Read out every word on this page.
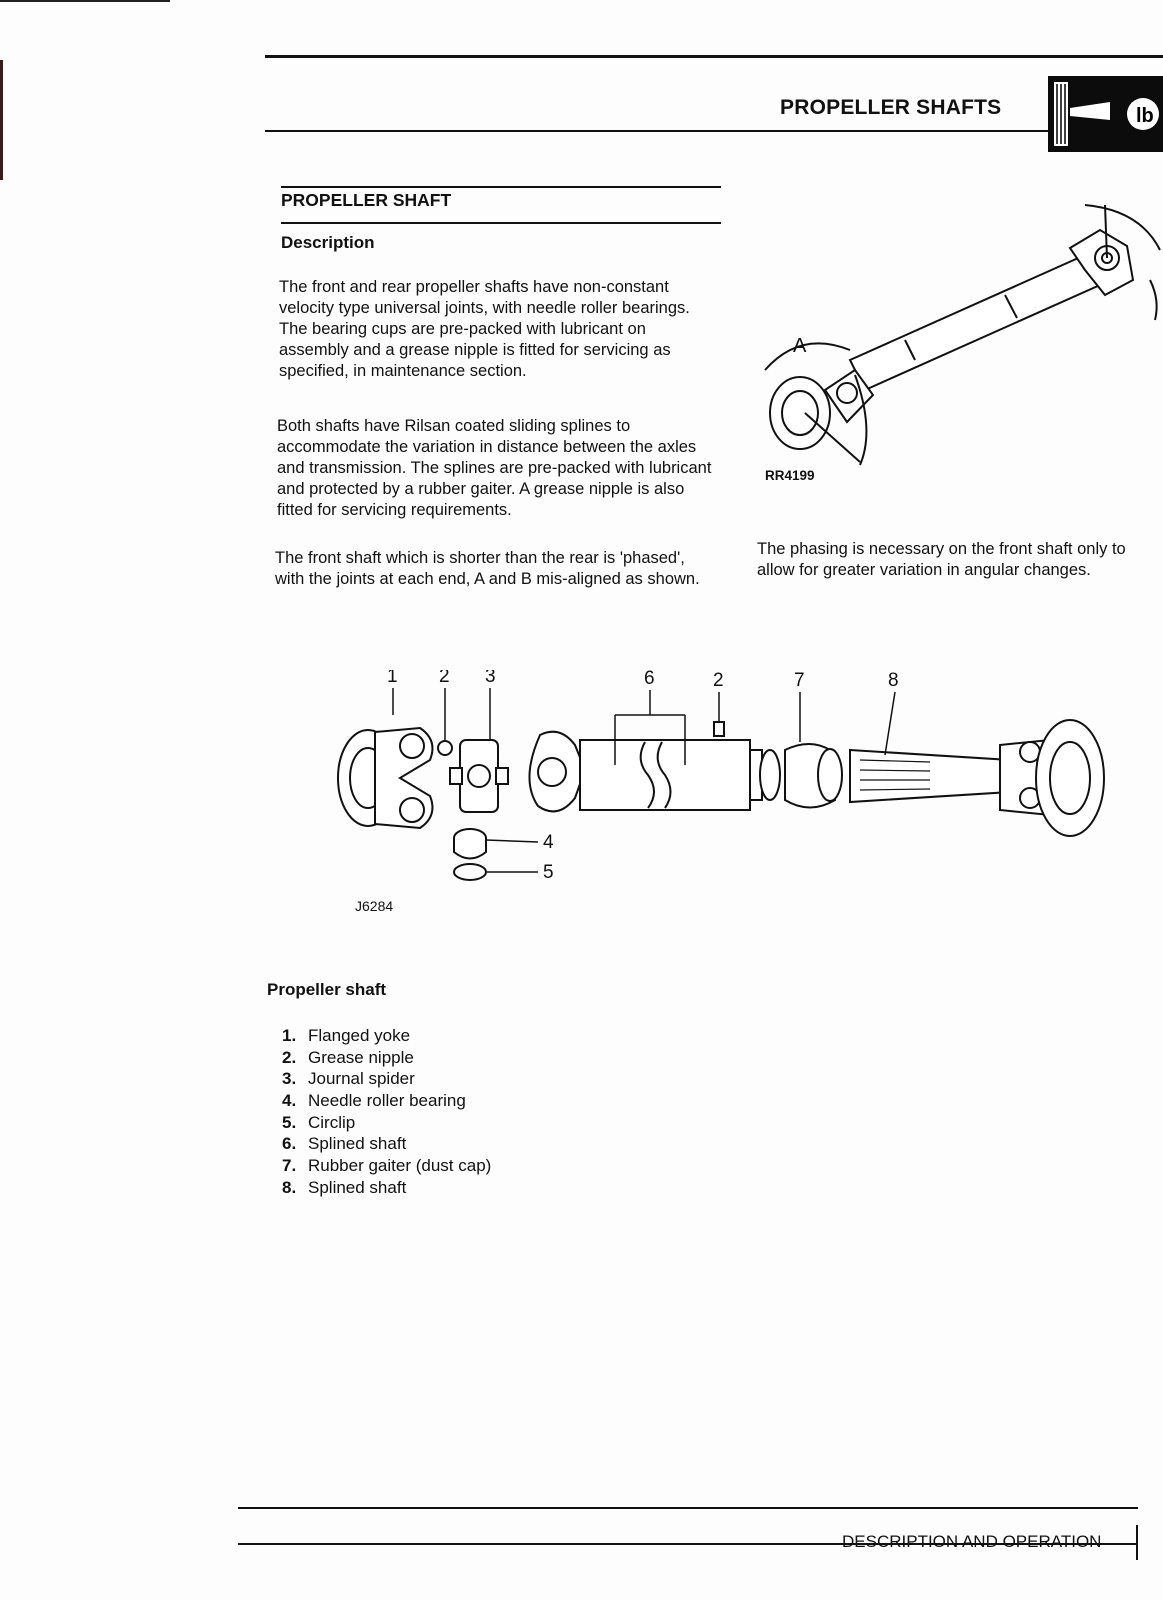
PROPELLER SHAFTS	lb
PROPELLER SHAFT
Description
The front and rear propeller shafts have non-constant velocity type universal joints, with needle roller bearings. The bearing cups are pre-packed with lubricant on assembly and a grease nipple is fitted for servicing as specified, in maintenance section.
Both shafts have Rilsan coated sliding splines to accommodate the variation in distance between the axles and transmission. The splines are pre-packed with lubricant and protected by a rubber gaiter. A grease nipple is also fitted for servicing requirements.
The front shaft which is shorter than the rear is 'phased', with the joints at each end, A and B mis-aligned as shown.
A
RR4199
The phasing is necessary on the front shaft only to allow for greater variation in angular changes.
1 2 3	6	2	7	8
4
5
J6284
Propeller shaft
1. Flanged yoke
2. Grease nipple
3. Journal spider
4. Needle roller bearing
5. Circlip
6. Splined shaft
7. Rubber gaiter (dust cap)
8. Splined shaft
DESCRIPTION AND OPERATION
